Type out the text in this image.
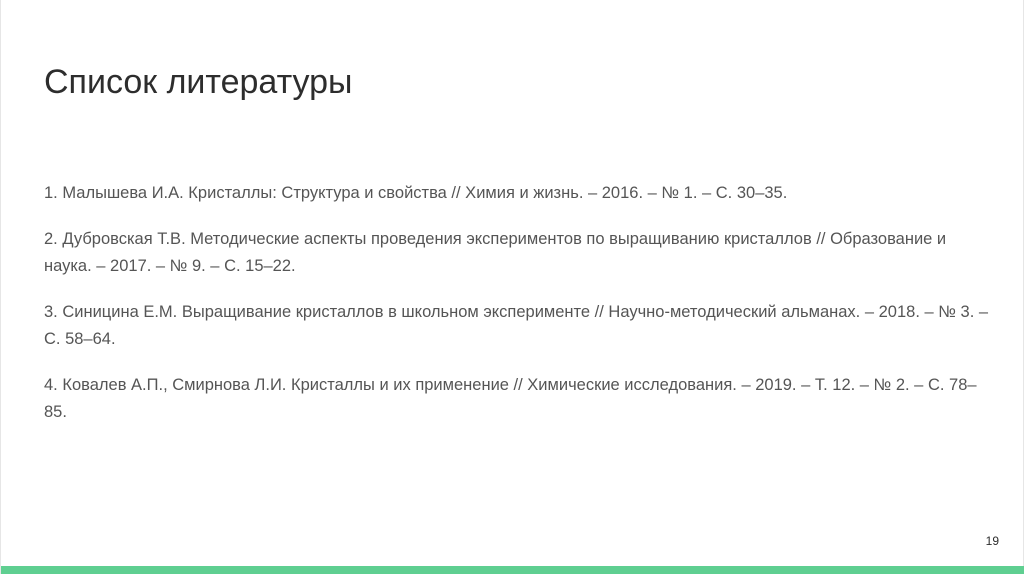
Список литературы
1. Малышева И.А. Кристаллы: Структура и свойства // Химия и жизнь. – 2016. – № 1. – С. 30–35.
2. Дубровская Т.В. Методические аспекты проведения экспериментов по выращиванию кристаллов // Образование и наука. – 2017. – № 9. – С. 15–22.
3. Синицина Е.М. Выращивание кристаллов в школьном эксперименте // Научно-методический альманах. – 2018. – № 3. – С. 58–64.
4. Ковалев А.П., Смирнова Л.И. Кристаллы и их применение // Химические исследования. – 2019. – Т. 12. – № 2. – С. 78–85.
19
